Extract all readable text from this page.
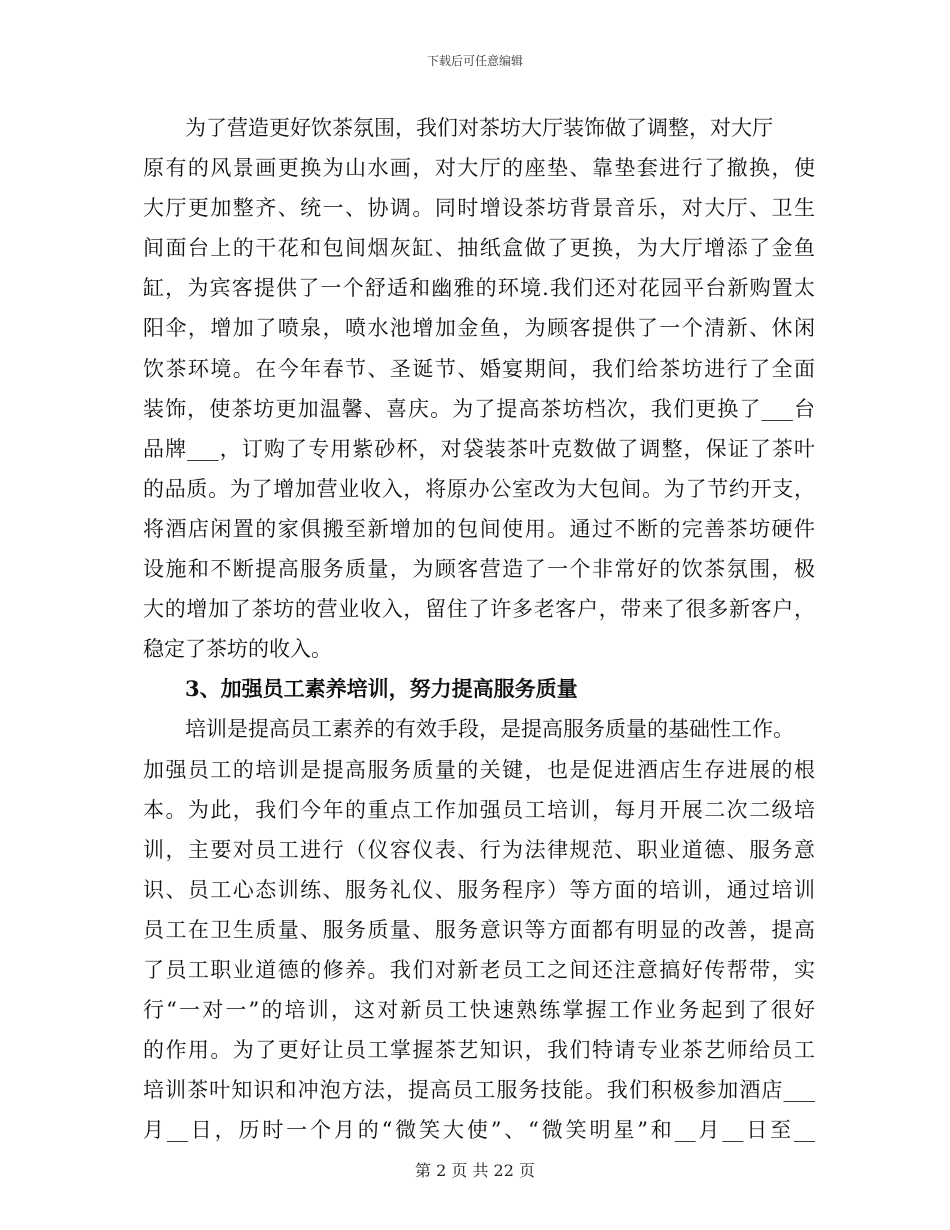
下载后可任意编辑
为了营造更好饮茶氛围，我们对茶坊大厅装饰做了调整，对大厅
原有的风景画更换为山水画，对大厅的座垫、靠垫套进行了撤换，使
大厅更加整齐、统一、协调。同时增设茶坊背景音乐，对大厅、卫生
间面台上的干花和包间烟灰缸、抽纸盒做了更换，为大厅增添了金鱼
缸，为宾客提供了一个舒适和幽雅的环境.我们还对花园平台新购置太
阳伞，增加了喷泉，喷水池增加金鱼，为顾客提供了一个清新、休闲
饮茶环境。在今年春节、圣诞节、婚宴期间，我们给茶坊进行了全面
装饰，使茶坊更加温馨、喜庆。为了提高茶坊档次，我们更换了___台
品牌___，订购了专用紫砂杯，对袋装茶叶克数做了调整，保证了茶叶
的品质。为了增加营业收入，将原办公室改为大包间。为了节约开支，
将酒店闲置的家俱搬至新增加的包间使用。通过不断的完善茶坊硬件
设施和不断提高服务质量，为顾客营造了一个非常好的饮茶氛围，极
大的增加了茶坊的营业收入，留住了许多老客户，带来了很多新客户，
稳定了茶坊的收入。
3、加强员工素养培训，努力提高服务质量
培训是提高员工素养的有效手段，是提高服务质量的基础性工作。
加强员工的培训是提高服务质量的关键，也是促进酒店生存进展的根
本。为此，我们今年的重点工作加强员工培训，每月开展二次二级培
训，主要对员工进行（仪容仪表、行为法律规范、职业道德、服务意
识、员工心态训练、服务礼仪、服务程序）等方面的培训，通过培训
员工在卫生质量、服务质量、服务意识等方面都有明显的改善，提高
了员工职业道德的修养。我们对新老员工之间还注意搞好传帮带，实
行“一对一”的培训，这对新员工快速熟练掌握工作业务起到了很好
的作用。为了更好让员工掌握茶艺知识，我们特请专业茶艺师给员工
培训茶叶知识和冲泡方法，提高员工服务技能。我们积极参加酒店___
月__日，历时一个月的“微笑大使”、“微笑明星”和__月__日至__
第 2 页 共 22 页
